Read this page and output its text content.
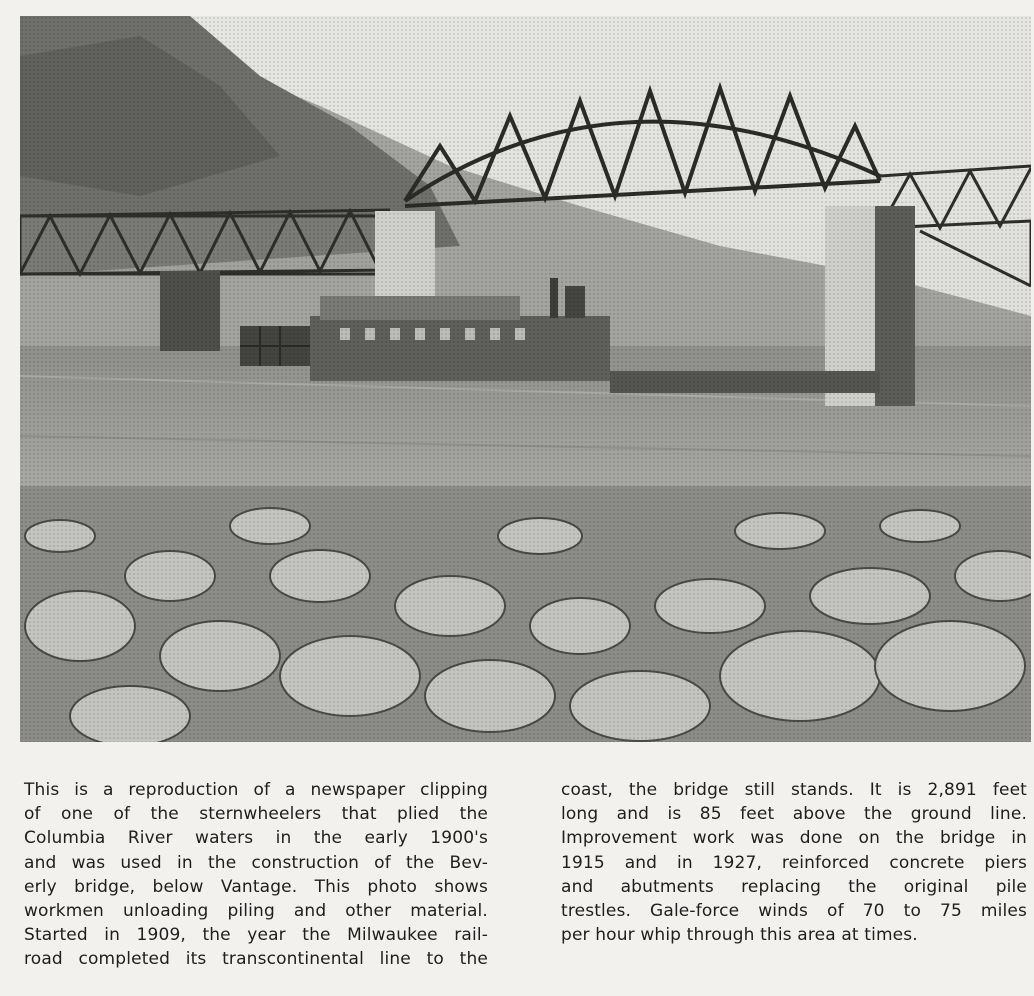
This is a reproduction of a newspaper clipping
of one of the sternwheelers that plied the
Columbia River waters in the early 1900's
and was used in the construction of the Bev-
erly bridge, below Vantage. This photo shows
workmen unloading piling and other material.
Started in 1909, the year the Milwaukee rail-
road completed its transcontinental line to the
coast, the bridge still stands. It is 2,891 feet
long and is 85 feet above the ground line.
Improvement work was done on the bridge in
1915 and in 1927, reinforced concrete piers
and abutments replacing the original pile
trestles. Gale-force winds of 70 to 75 miles
per hour whip through this area at times.
